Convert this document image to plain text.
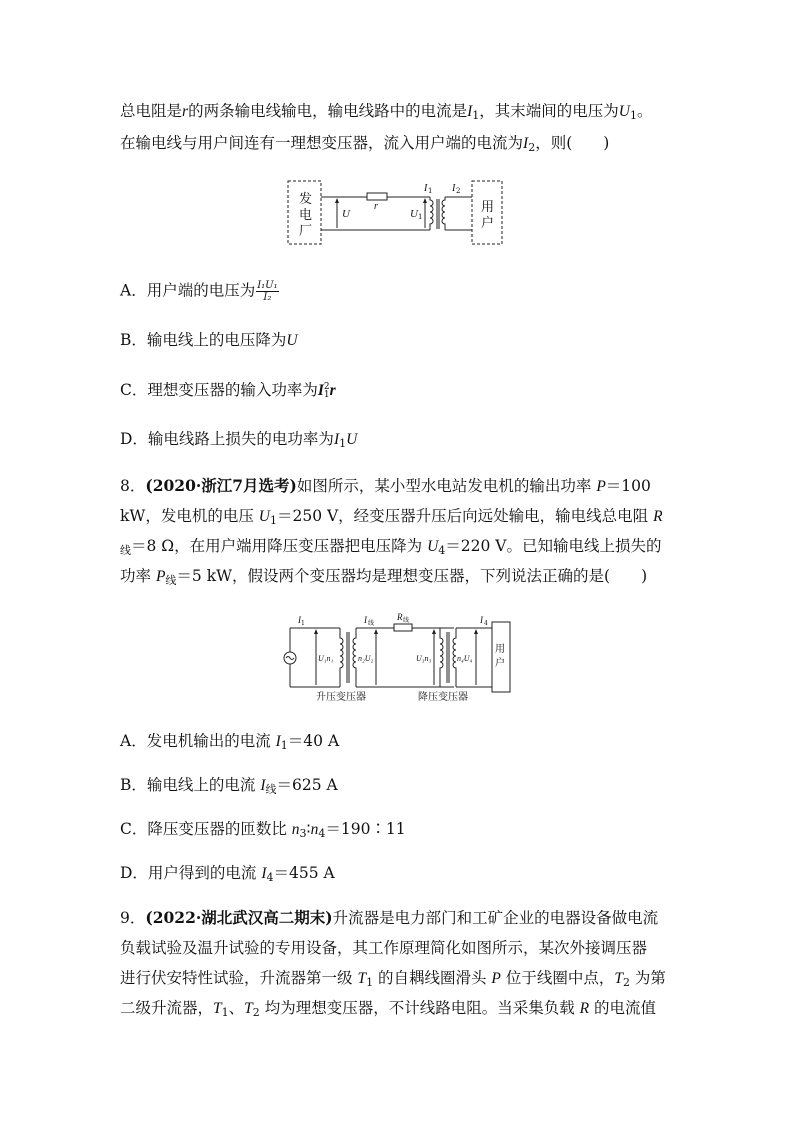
总电阻是r的两条输电线输电，输电线路中的电流是$I_1$，其末端间的电压为$U_1$。
在输电线与用户间连有一理想变压器，流入用户端的电流为$I_2$，则(　　)
发
电
厂
r
U	U 1
I 1 I 2
用
户
A．用户端的电压为 $\frac{\text{I₁U₁}}{\text{I₂}}$
B．输电线上的电压降为U
C．理想变压器的输入功率为I 2
1 r
D．输电线路上损失的电功率为$I_1U$
8．(2020·浙江7月选考)如图所示，某小型水电站发电机的输出功率 P＝100
kW，发电机的电压 $U_1=250$ V，经变压器升压后向远处输电，输电线总电阻 R
$_线$＝8 Ω，在用户端用降压变压器把电压降为 $U_4=220$ V。已知输电线上损失的
功率 $P_线=5$ kW，假设两个变压器均是理想变压器，下列说法正确的是(　　)
I 1
U₁n₁	n₂U₂
I 线
R 线
U₃n₃	n₄U₄
I 4
用
户
升压变压器	降压变压器
A．发电机输出的电流 $I_1=40$ A
B．输电线上的电流 $I_线=625$ A
C．降压变压器的匝数比 $n_3∶n_4=190∶11$
D．用户得到的电流 $I_4=455$ A
9．(2022·湖北武汉高二期末)升流器是电力部门和工矿企业的电器设备做电流
负载试验及温升试验的专用设备，其工作原理简化如图所示，某次外接调压器
进行伏安特性试验，升流器第一级 $T_1$ 的自耦线圈滑头 P 位于线圈中点，$T_2$ 为第
二级升流器，$T_1$、$T_2$ 均为理想变压器，不计线路电阻。当采集负载 R 的电流值
